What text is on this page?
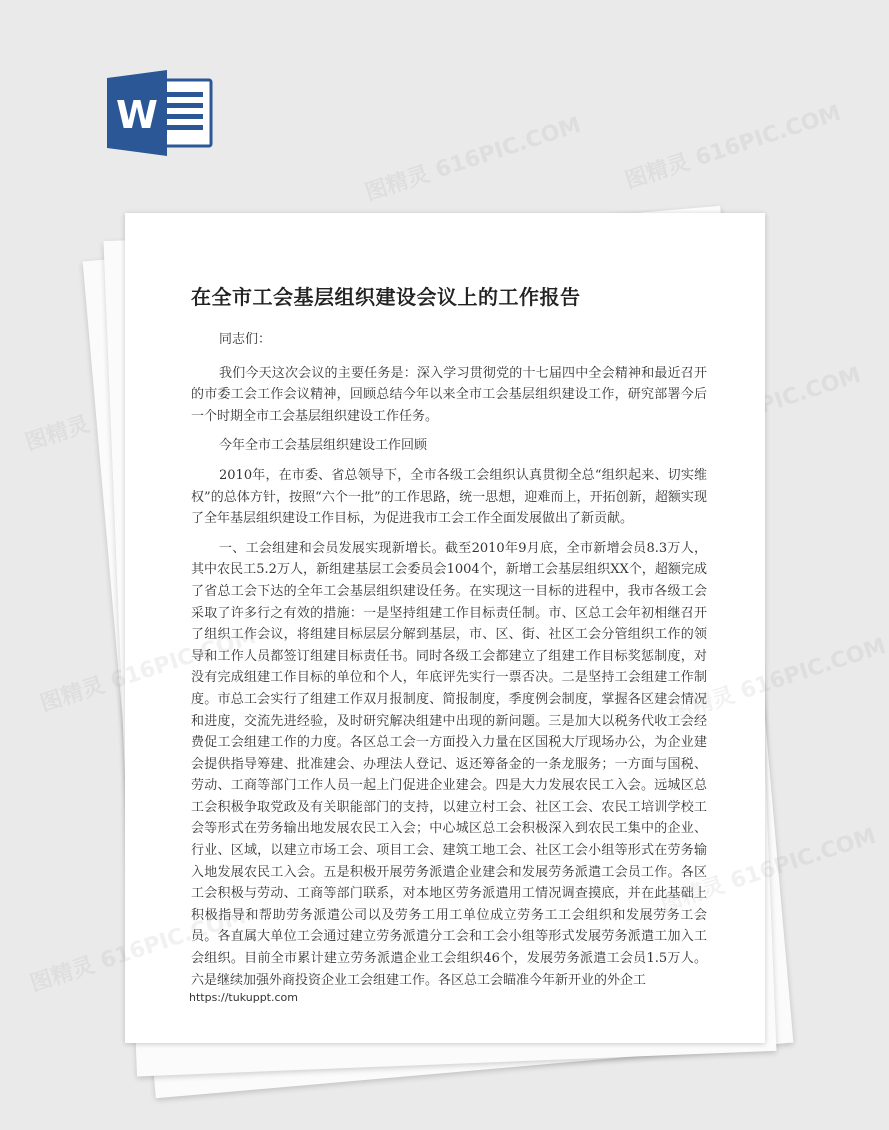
W	图精灵 616PIC.COM 图精灵 616PIC.COM
图精灵
616PIC.COM
在全市工会基层组织建设会议上的工作报告

同志们：

我们今天这次会议的主要任务是：深入学习贯彻党的十七届四中全会精神和最近召开的市委工会工作会议精神，回顾总结今年以来全市工会基层组织建设工作，研究部署今后一个时期全市工会基层组织建设工作任务。

今年全市工会基层组织建设工作回顾

2010年，在市委、省总领导下，全市各级工会组织认真贯彻全总“组织起来、切实维权”的总体方针，按照“六个一批”的工作思路，统一思想，迎难而上，开拓创新，超额实现了全年基层组织建设工作目标，为促进我市工会工作全面发展做出了新贡献。

一、工会组建和会员发展实现新增长。截至2010年9月底，全市新增会员8.3万人，其中农民工5.2万人，新组建基层工会委员会1004个，新增工会基层组织XX个，超额完成了省总工会下达的全年工会基层组织建设任务。在实现这一目标的进程中，我市各级工会采取了许多行之有效的措施：一是坚持组建工作目标责任制。市、区总工会年初相继召开了组织工作会议，将组建目标层层分解到基层，市、区、街、社区工会分管组织工作的领导和工作人员都签订组建目标责任书。同时各级工会都建立了组建工作目标奖惩制度，对没有完成组建工作目标的单位和个人，年底评先实行一票否决。二是坚持工会组建工作制度。市总工会实行了组建工作双月报制度、简报制度，季度例会制度，掌握各区建会情况和进度，交流先进经验，及时研究解决组建中出现的新问题。三是加大以税务代收工会经费促工会组建工作的力度。各区总工会一方面投入力量在区国税大厅现场办公，为企业建会提供指导筹建、批准建会、办理法人登记、返还筹备金的一条龙服务；一方面与国税、劳动、工商等部门工作人员一起上门促进企业建会。四是大力发展农民工入会。远城区总工会积极争取党政及有关职能部门的支持，以建立村工会、社区工会、农民工培训学校工会等形式在劳务输出地发展农民工入会；中心城区总工会积极深入到农民工集中的企业、行业、区域，以建立市场工会、项目工会、建筑工地工会、社区工会小组等形式在劳务输入地发展农民工入会。五是积极开展劳务派遣企业建会和发展劳务派遣工会员工作。各区工会积极与劳动、工商等部门联系，对本地区劳务派遣用工情况调查摸底，并在此基础上积极指导和帮助劳务派遣公司以及劳务工用工单位成立劳务工工会组织和发展劳务工会员。各直属大单位工会通过建立劳务派遣分工会和工会小组等形式发展劳务派遣工加入工会组织。目前全市累计建立劳务派遣企业工会组织46个，发展劳务派遣工会员1.5万人。六是继续加强外商投资企业工会组建工作。各区总工会瞄准今年新开业的外企工

https://tukuppt.com
图精灵 616PIC.COM	图精灵 616PIC.COM
图精灵 616PIC.COM
图精灵 616PIC.COM
